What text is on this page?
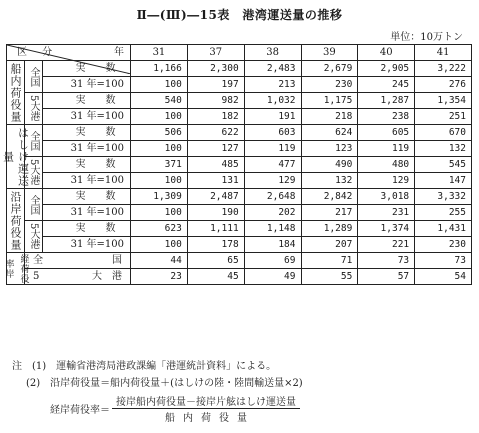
Ⅱ―(Ⅲ)―15表　港湾運送量の推移
単位：10万トン
年
区 分			31	37	38	39	40	41

船内荷役量	全国	実　　数	1,166	2,300	2,483	2,679	2,905	3,222

		31 年=100	100	197	213	230	245	276
	5大港	実　　数	540	982	1,032	1,175	1,287	1,354

		31 年=100	100	182	191	218	238	251
はしけ運送量	全国	実　　数	506	622	603	624	605	670

		31 年=100	100	127	119	123	119	132
	5大港	実　　数	371	485	477	490	480	545

		31 年=100	100	131	129	132	129	147
沿岸荷役量	全国	実　　数	1,309	2,487	2,648	2,842	3,018	3,332

		31 年=100	100	190	202	217	231	255
	5大港	実　　数	623	1,111	1,148	1,289	1,374	1,431

		31 年=100	100	178	184	207	221	230
経荷役率岸	全 国		44	65	69	71	73	73

	5 大　港		23	45	49	55	57	54
注　(1)　運輸省港湾局港政課編「港運統計資料」による。
(2)　沿岸荷役量＝船内荷役量＋(はしけの陸・陸間輸送量×2)
経岸荷役率＝ $\frac{\text{接岸船内荷役量－接岸片舷はしけ運送量}}{\text{船内荷役量}}$
